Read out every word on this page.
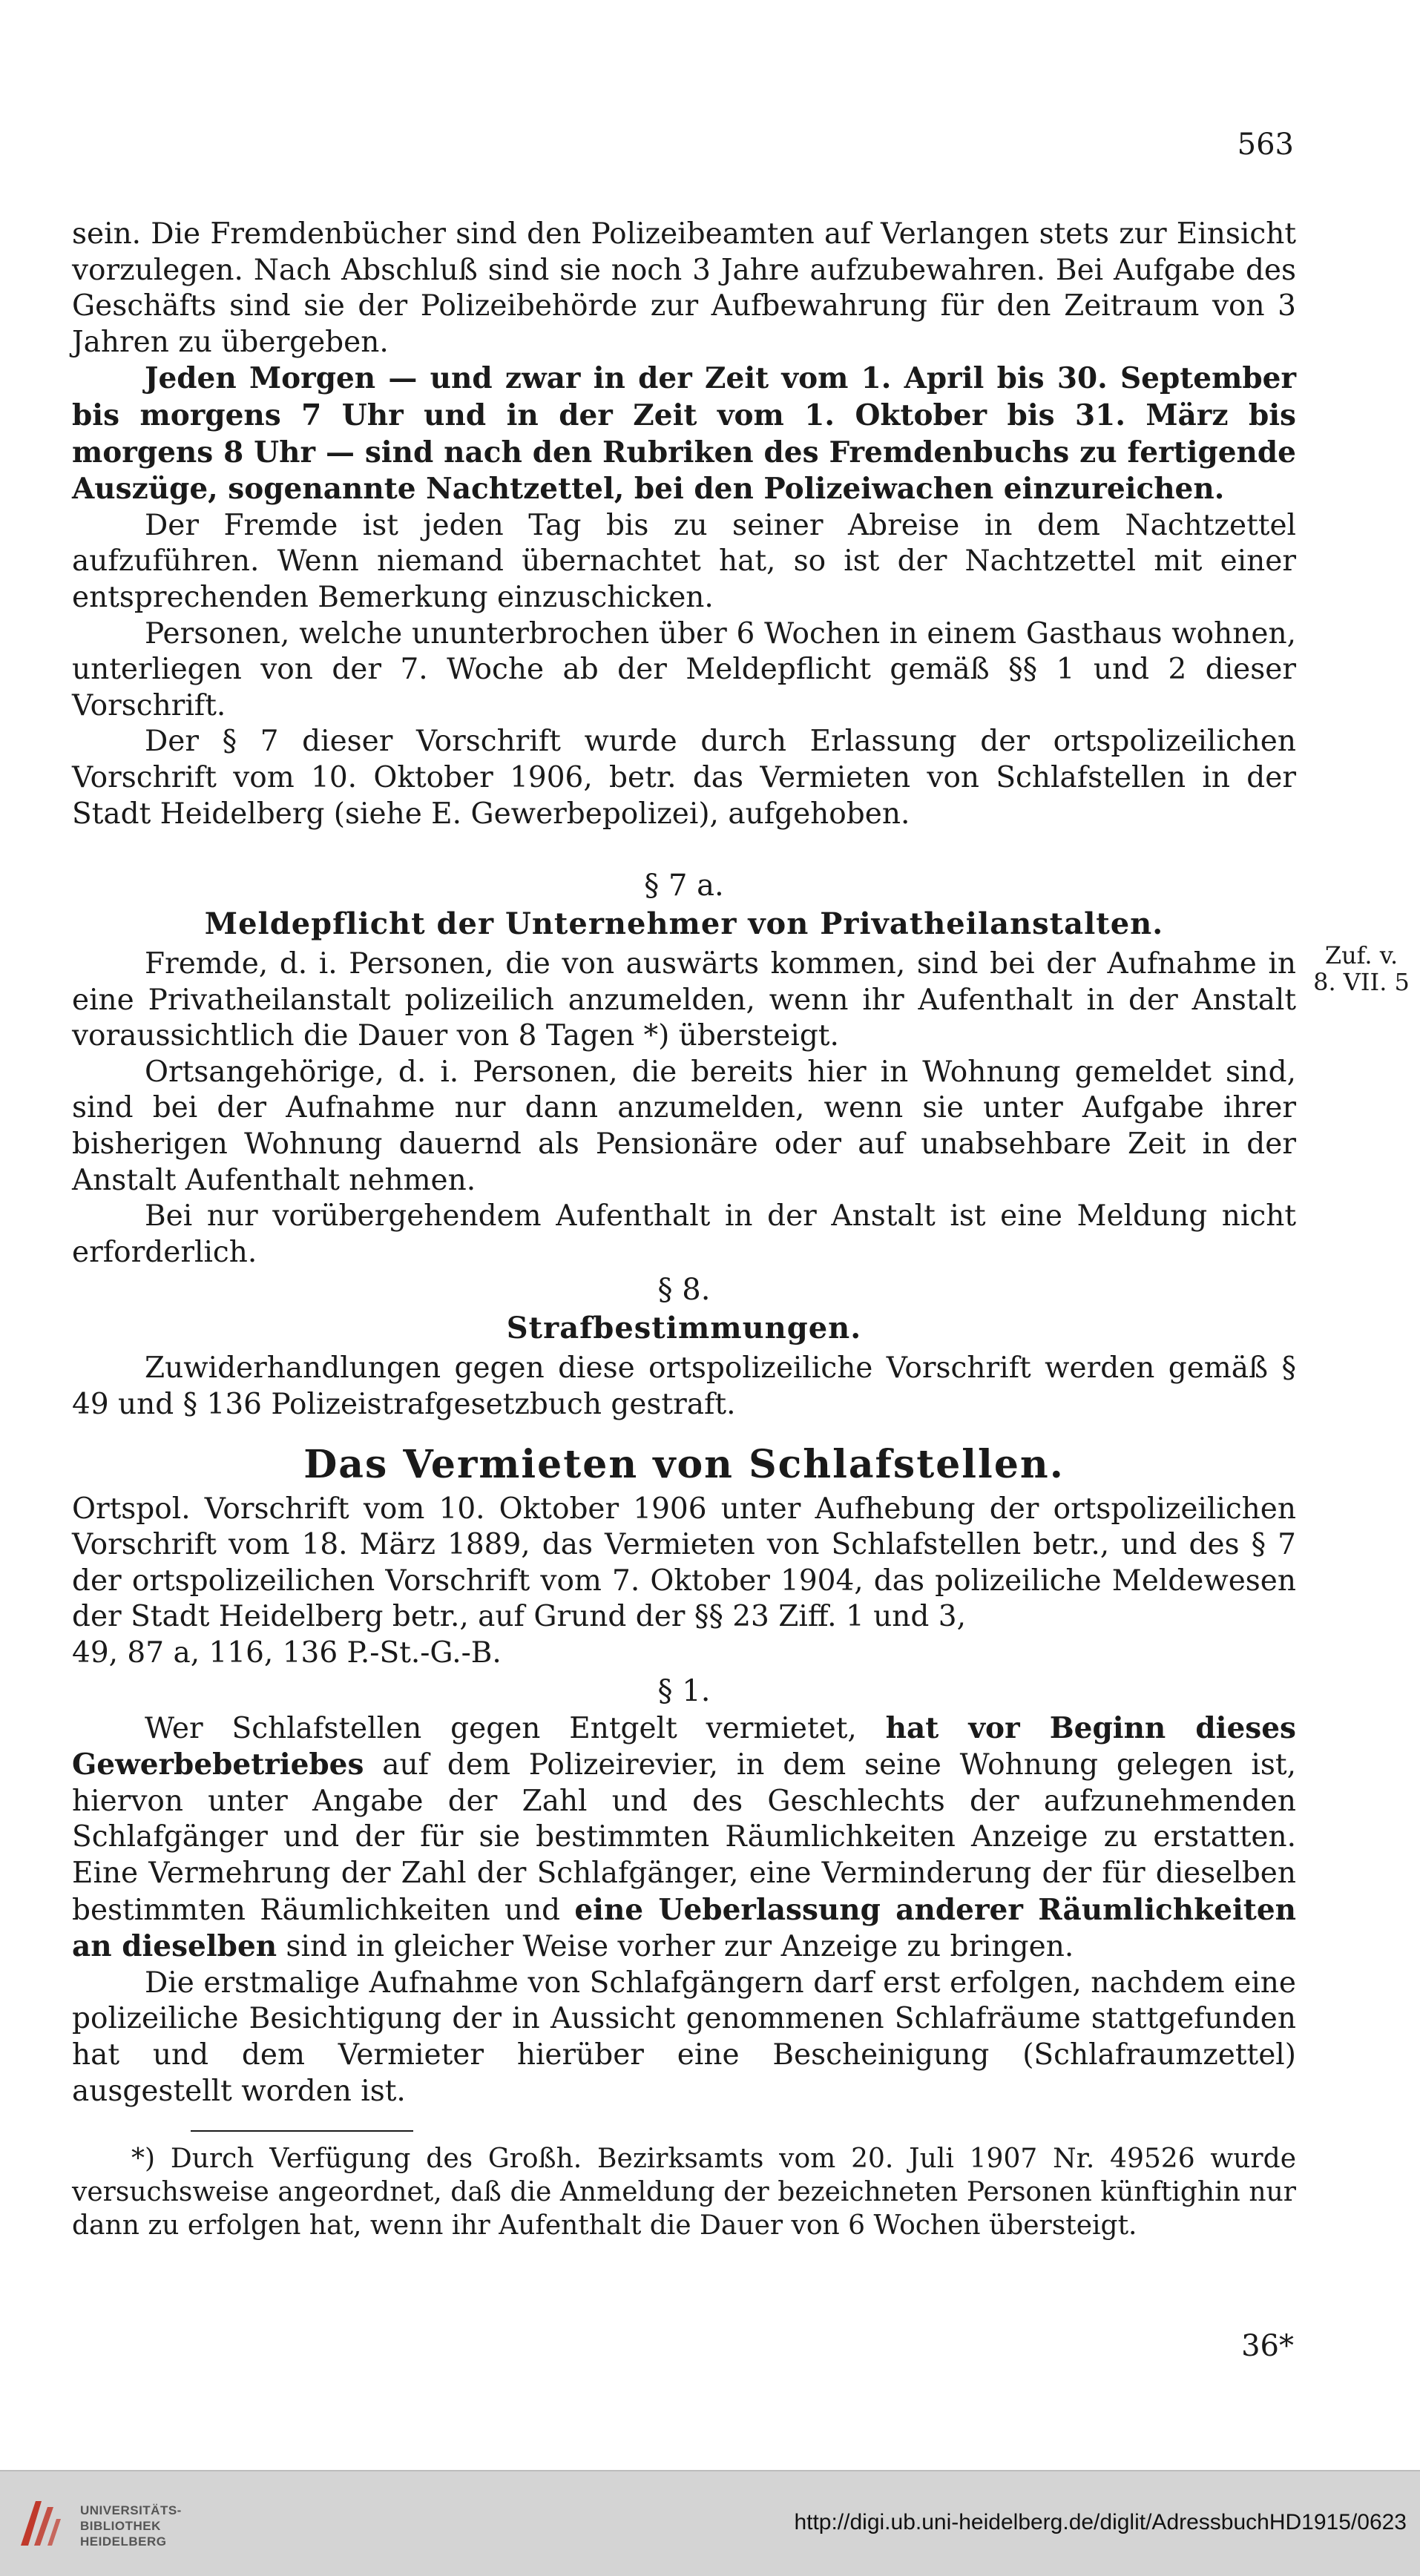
563
Zuf. v.
8. VII. 5

sein. Die Fremdenbücher sind den Polizeibeamten auf Verlangen stets zur Einsicht vorzulegen. Nach Abschluß sind sie noch 3 Jahre aufzubewahren. Bei Aufgabe des Geschäfts sind sie der Polizeibehörde zur Aufbewahrung für den Zeitraum von 3 Jahren zu übergeben.

Jeden Morgen — und zwar in der Zeit vom 1. April bis 30. September bis morgens 7 Uhr und in der Zeit vom 1. Oktober bis 31. März bis morgens 8 Uhr — sind nach den Rubriken des Fremdenbuchs zu fertigende Auszüge, sogenannte Nachtzettel, bei den Polizeiwachen einzureichen.

Der Fremde ist jeden Tag bis zu seiner Abreise in dem Nachtzettel aufzuführen. Wenn niemand übernachtet hat, so ist der Nachtzettel mit einer entsprechenden Bemerkung einzuschicken.

Personen, welche ununterbrochen über 6 Wochen in einem Gasthaus wohnen, unterliegen von der 7. Woche ab der Meldepflicht gemäß §§ 1 und 2 dieser Vorschrift.

Der § 7 dieser Vorschrift wurde durch Erlassung der ortspolizeilichen Vorschrift vom 10. Oktober 1906, betr. das Vermieten von Schlafstellen in der Stadt Heidelberg (siehe E. Gewerbepolizei), aufgehoben.

§ 7 a.

Meldepflicht der Unternehmer von Privatheilanstalten.

Fremde, d. i. Personen, die von auswärts kommen, sind bei der Aufnahme in eine Privatheilanstalt polizeilich anzumelden, wenn ihr Aufenthalt in der Anstalt voraussichtlich die Dauer von 8 Tagen *) übersteigt.

Ortsangehörige, d. i. Personen, die bereits hier in Wohnung gemeldet sind, sind bei der Aufnahme nur dann anzumelden, wenn sie unter Aufgabe ihrer bisherigen Wohnung dauernd als Pensionäre oder auf unabsehbare Zeit in der Anstalt Aufenthalt nehmen.

Bei nur vorübergehendem Aufenthalt in der Anstalt ist eine Meldung nicht erforderlich.

§ 8.

Strafbestimmungen.

Zuwiderhandlungen gegen diese ortspolizeiliche Vorschrift werden gemäß § 49 und § 136 Polizeistrafgesetzbuch gestraft.

Das Vermieten von Schlafstellen.

Ortspol. Vorschrift vom 10. Oktober 1906 unter Aufhebung der ortspolizeilichen Vorschrift vom 18. März 1889, das Vermieten von Schlafstellen betr., und des § 7 der ortspolizeilichen Vorschrift vom 7. Oktober 1904, das polizeiliche Meldewesen der Stadt Heidelberg betr., auf Grund der §§ 23 Ziff. 1 und 3,

49, 87 a, 116, 136 P.-St.-G.-B.

§ 1.

Wer Schlafstellen gegen Entgelt vermietet, hat vor Beginn dieses Gewerbebetriebes auf dem Polizeirevier, in dem seine Wohnung gelegen ist, hiervon unter Angabe der Zahl und des Geschlechts der aufzunehmenden Schlafgänger und der für sie bestimmten Räumlichkeiten Anzeige zu erstatten. Eine Vermehrung der Zahl der Schlafgänger, eine Verminderung der für dieselben bestimmten Räumlichkeiten und eine Ueberlassung anderer Räumlichkeiten an dieselben sind in gleicher Weise vorher zur Anzeige zu bringen.

Die erstmalige Aufnahme von Schlafgängern darf erst erfolgen, nachdem eine polizeiliche Besichtigung der in Aussicht genommenen Schlafräume stattgefunden hat und dem Vermieter hierüber eine Bescheinigung (Schlafraumzettel) ausgestellt worden ist.

*) Durch Verfügung des Großh. Bezirksamts vom 20. Juli 1907 Nr. 49526 wurde versuchsweise angeordnet, daß die Anmeldung der bezeichneten Personen künftighin nur dann zu erfolgen hat, wenn ihr Aufenthalt die Dauer von 6 Wochen übersteigt.

36*
UNIVERSITÄTS-
BIBLIOTHEK
HEIDELBERG
http://digi.ub.uni-heidelberg.de/diglit/AdressbuchHD1915/0623
